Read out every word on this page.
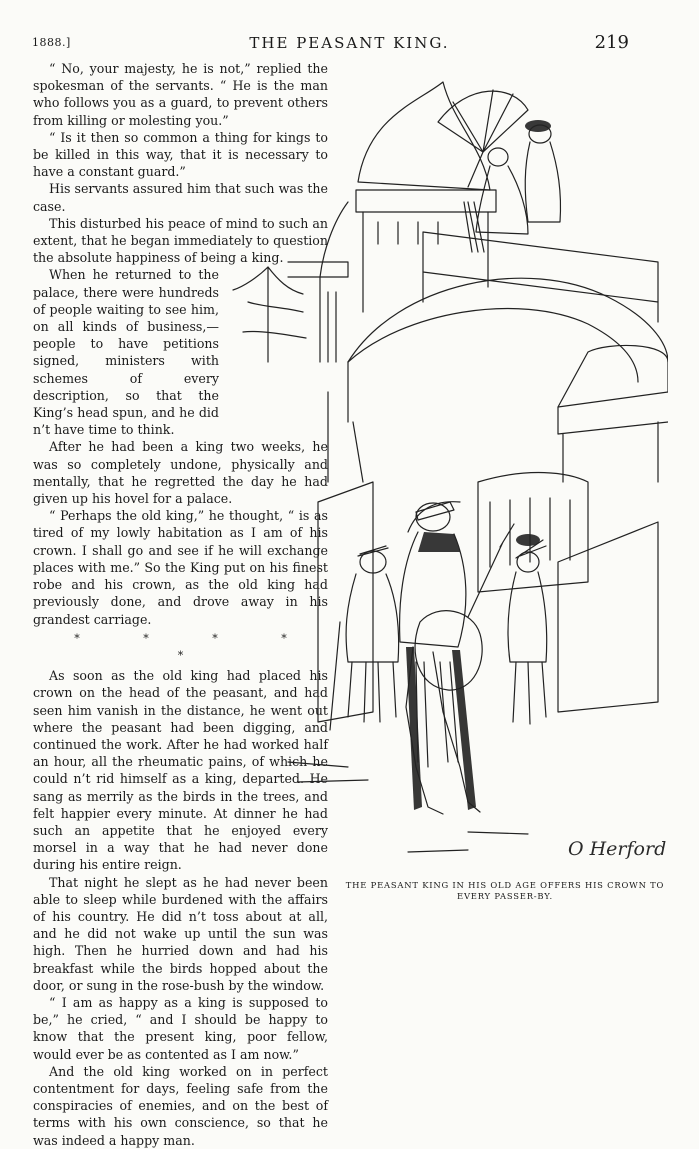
1888.]	THE PEASANT KING.	219

“ No, your majesty, he is not,” replied the spokesman of the servants. “ He is the man who follows you as a guard, to prevent others from killing or molesting you.”

“ Is it then so common a thing for kings to be killed in this way, that it is necessary to have a constant guard.”

His servants assured him that such was the case.

This disturbed his peace of mind to such an extent, that he began immediately to question the absolute happiness of being a king.

When he returned to the palace, there were hundreds of people waiting to see him, on all kinds of business,— people to have petitions signed, ministers with schemes of every description, so that the King’s head spun, and he did n’t have time to think.

After he had been a king two weeks, he was so completely undone, physically and mentally, that he regretted the day he had given up his hovel for a palace.

“ Perhaps the old king,” he thought, “ is as tired of my lowly habitation as I am of his crown. I shall go and see if he will exchange places with me.” So the King put on his finest robe and his crown, as the old king had previously done, and drove away in his grandest carriage.

* * * * *

As soon as the old king had placed his crown on the head of the peasant, and had seen him vanish in the distance, he went out where the peasant had been digging, and continued the work. After he had worked half an hour, all the rheumatic pains, of which he could n’t rid himself as a king, departed. He sang as merrily as the birds in the trees, and felt happier every minute. At dinner he had such an appetite that he enjoyed every morsel in a way that he had never done during his entire reign.

That night he slept as he had never been able to sleep while burdened with the affairs of his country. He did n’t toss about at all, and he did not wake up until the sun was high. Then he hurried down and had his breakfast while the birds hopped about the door, or sung in the rose-bush by the window.

“ I am as happy as a king is supposed to be,” he cried, “ and I should be happy to know that the present king, poor fellow, would ever be as contented as I am now.”

And the old king worked on in perfect contentment for days, feeling safe from the conspiracies of enemies, and on the best of terms with his own conscience, so that he was indeed a happy man.

O Herford
THE PEASANT KING IN HIS OLD AGE OFFERS HIS CROWN TO EVERY PASSER-BY.
